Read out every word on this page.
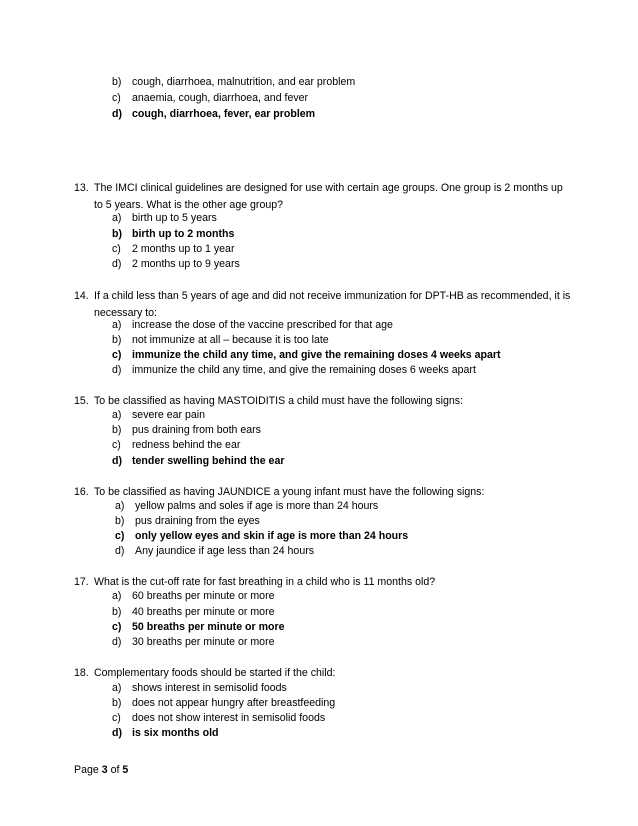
b) cough, diarrhoea, malnutrition, and ear problem
c) anaemia, cough, diarrhoea, and fever
d) cough, diarrhoea, fever, ear problem
13. The IMCI clinical guidelines are designed for use with certain age groups. One group is 2 months up to 5 years. What is the other age group?
a) birth up to 5 years
b) birth up to 2 months
c) 2 months up to 1 year
d) 2 months up to 9 years
14. If a child less than 5 years of age and did not receive immunization for DPT-HB as recommended, it is necessary to:
a) increase the dose of the vaccine prescribed for that age
b) not immunize at all – because it is too late
c) immunize the child any time, and give the remaining doses 4 weeks apart
d) immunize the child any time, and give the remaining doses 6 weeks apart
15. To be classified as having MASTOIDITIS a child must have the following signs:
a) severe ear pain
b) pus draining from both ears
c) redness behind the ear
d) tender swelling behind the ear
16. To be classified as having JAUNDICE a young infant must have the following signs:
a) yellow palms and soles if age is more than 24 hours
b) pus draining from the eyes
c) only yellow eyes and skin if age is more than 24 hours
d) Any jaundice if age less than 24 hours
17. What is the cut-off rate for fast breathing in a child who is 11 months old?
a) 60 breaths per minute or more
b) 40 breaths per minute or more
c) 50 breaths per minute or more
d) 30 breaths per minute or more
18. Complementary foods should be started if the child:
a) shows interest in semisolid foods
b) does not appear hungry after breastfeeding
c) does not show interest in semisolid foods
d) is six months old
Page 3 of 5
